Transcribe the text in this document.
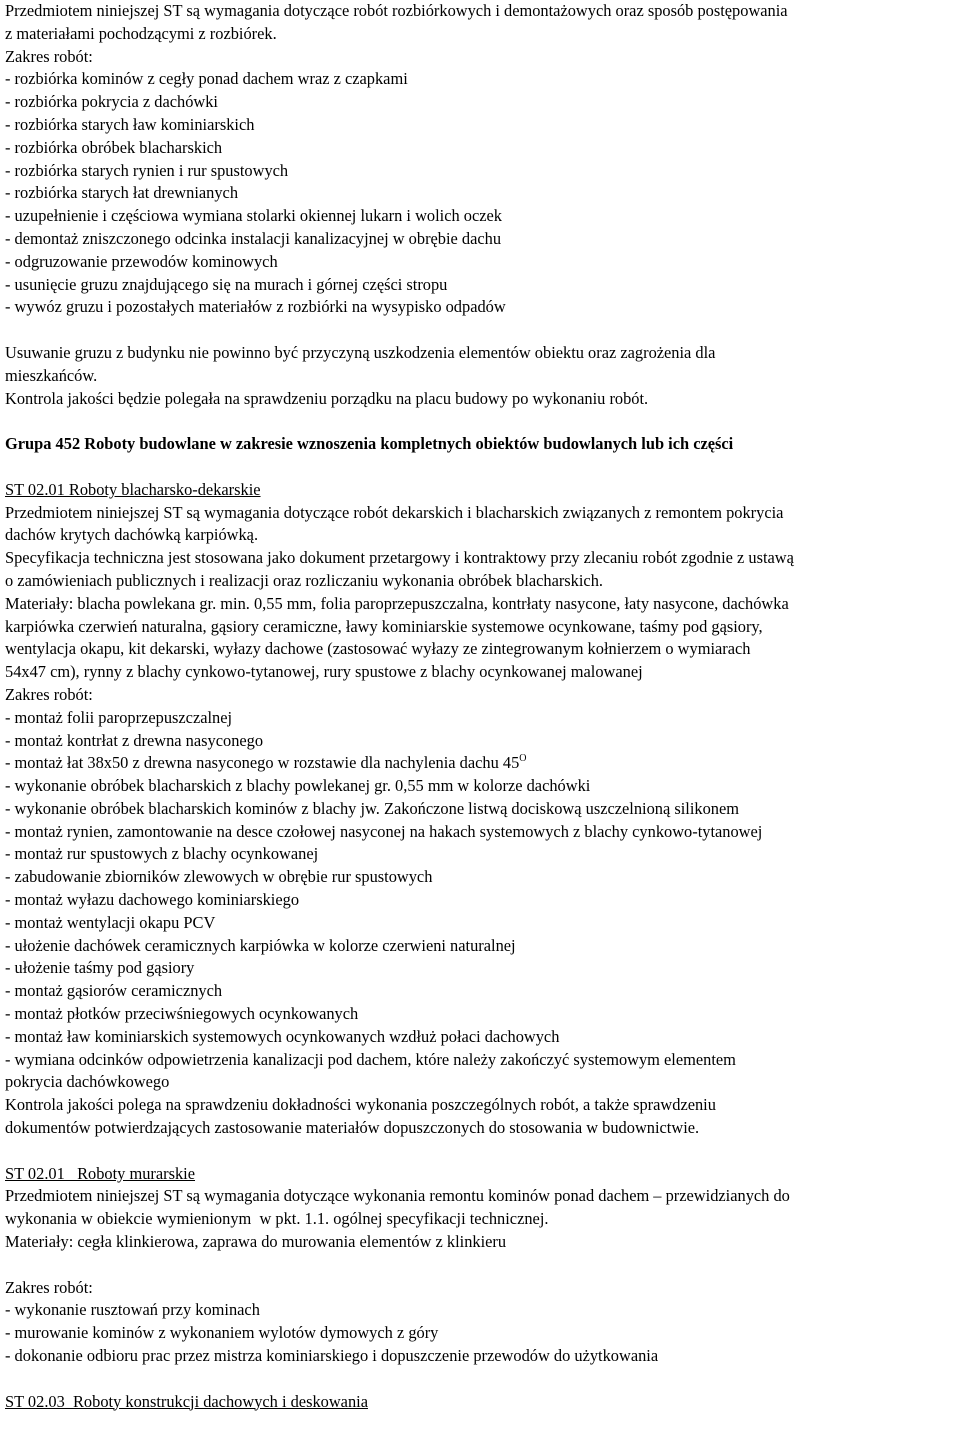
Przedmiotem niniejszej ST są wymagania dotyczące robót rozbiórkowych i demontażowych oraz sposób postępowania
z materiałami pochodzącymi z rozbiórek.
Zakres robót:
- rozbiórka kominów z cegły ponad dachem wraz z czapkami
- rozbiórka pokrycia z dachówki
- rozbiórka starych ław kominiarskich
- rozbiórka obróbek blacharskich
- rozbiórka starych rynien i rur spustowych
- rozbiórka starych łat drewnianych
- uzupełnienie i częściowa wymiana stolarki okiennej lukarn i wolich oczek
- demontaż zniszczonego odcinka instalacji kanalizacyjnej w obrębie dachu
- odgruzowanie przewodów kominowych
- usunięcie gruzu znajdującego się na murach i górnej części stropu
- wywóz gruzu i pozostałych materiałów z rozbiórki na wysypisko odpadów
Usuwanie gruzu z budynku nie powinno być przyczyną uszkodzenia elementów obiektu oraz zagrożenia dla
mieszkańców.
Kontrola jakości będzie polegała na sprawdzeniu porządku na placu budowy po wykonaniu robót.
Grupa 452 Roboty budowlane w zakresie wznoszenia kompletnych obiektów budowlanych lub ich części
ST 02.01 Roboty blacharsko-dekarskie
Przedmiotem niniejszej ST są wymagania dotyczące robót dekarskich i blacharskich związanych z remontem pokrycia
dachów krytych dachówką karpiówką.
Specyfikacja techniczna jest stosowana jako dokument przetargowy i kontraktowy przy zlecaniu robót zgodnie z ustawą
o zamówieniach publicznych i realizacji oraz rozliczaniu wykonania obróbek blacharskich.
Materiały: blacha powlekana gr. min. 0,55 mm, folia paroprzepuszczalna, kontrłaty nasycone, łaty nasycone, dachówka
karpiówka czerwień naturalna, gąsiory ceramiczne, ławy kominiarskie systemowe ocynkowane, taśmy pod gąsiory,
wentylacja okapu, kit dekarski, wyłazy dachowe (zastosować wyłazy ze zintegrowanym kołnierzem o wymiarach
54x47 cm), rynny z blachy cynkowo-tytanowej, rury spustowe z blachy ocynkowanej malowanej
Zakres robót:
- montaż folii paroprzepuszczalnej
- montaż kontrłat z drewna nasyconego
- montaż łat 38x50 z drewna nasyconego w rozstawie dla nachylenia dachu $45^O$
- wykonanie obróbek blacharskich z blachy powlekanej gr. 0,55 mm w kolorze dachówki
- wykonanie obróbek blacharskich kominów z blachy jw. Zakończone listwą dociskową uszczelnioną silikonem
- montaż rynien, zamontowanie na desce czołowej nasyconej na hakach systemowych z blachy cynkowo-tytanowej
- montaż rur spustowych z blachy ocynkowanej
- zabudowanie zbiorników zlewowych w obrębie rur spustowych
- montaż wyłazu dachowego kominiarskiego
- montaż wentylacji okapu PCV
- ułożenie dachówek ceramicznych karpiówka w kolorze czerwieni naturalnej
- ułożenie taśmy pod gąsiory
- montaż gąsiorów ceramicznych
- montaż płotków przeciwśniegowych ocynkowanych
- montaż ław kominiarskich systemowych ocynkowanych wzdłuż połaci dachowych
- wymiana odcinków odpowietrzenia kanalizacji pod dachem, które należy zakończyć systemowym elementem
pokrycia dachówkowego
Kontrola jakości polega na sprawdzeniu dokładności wykonania poszczególnych robót, a także sprawdzeniu
dokumentów potwierdzających zastosowanie materiałów dopuszczonych do stosowania w budownictwie.
ST 02.01   Roboty murarskie
Przedmiotem niniejszej ST są wymagania dotyczące wykonania remontu kominów ponad dachem – przewidzianych do
wykonania w obiekcie wymienionym  w pkt. 1.1. ogólnej specyfikacji technicznej.
Materiały: cegła klinkierowa, zaprawa do murowania elementów z klinkieru
Zakres robót:
- wykonanie rusztowań przy kominach
- murowanie kominów z wykonaniem wylotów dymowych z góry
- dokonanie odbioru prac przez mistrza kominiarskiego i dopuszczenie przewodów do użytkowania
ST 02.03  Roboty konstrukcji dachowych i deskowania
